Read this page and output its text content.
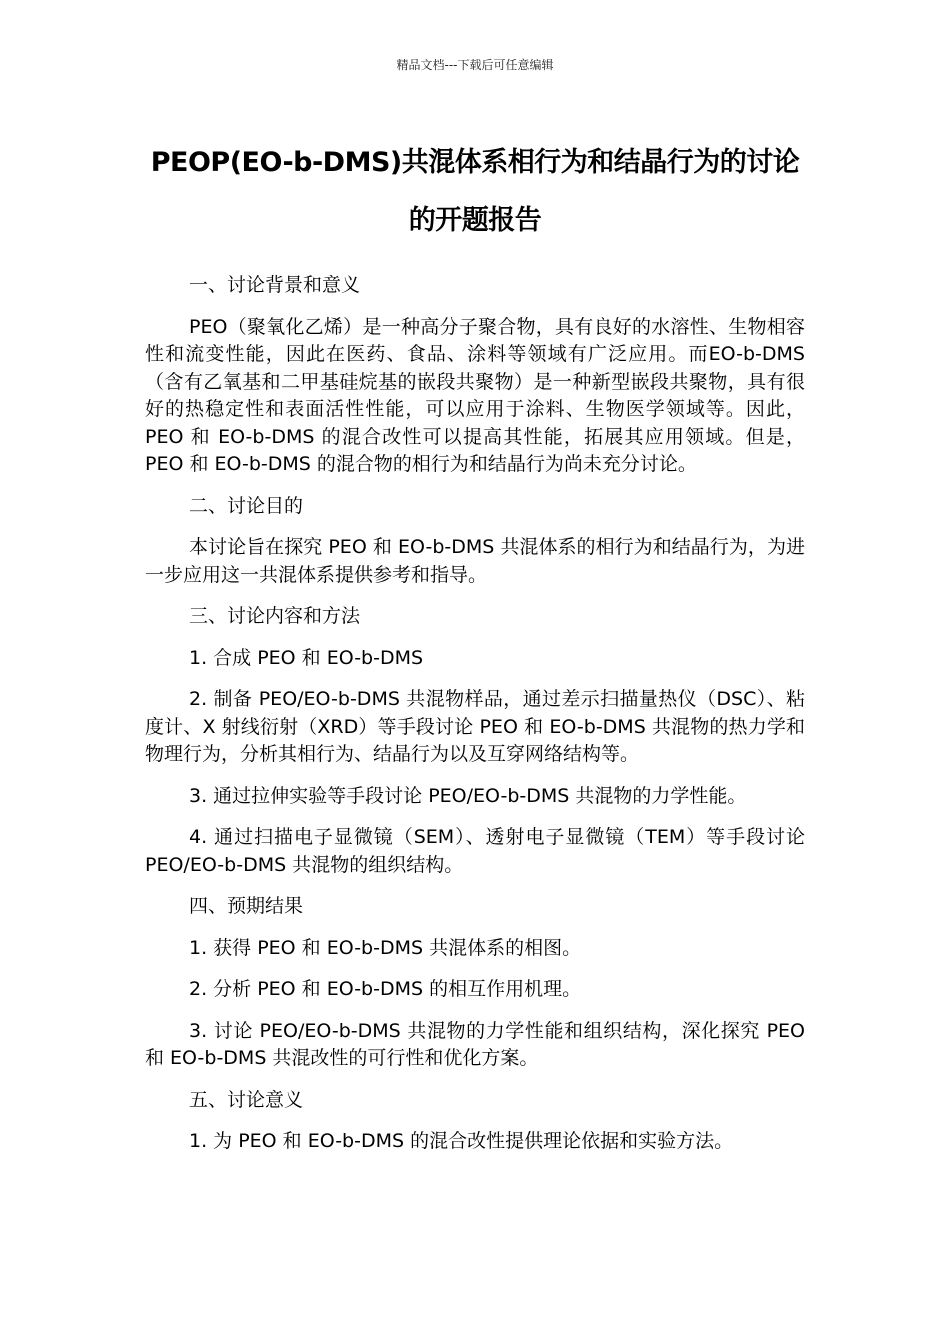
精品文档---下载后可任意编辑
PEOP(EO-b-DMS)共混体系相行为和结晶行为的讨论的开题报告

一、讨论背景和意义

PEO（聚氧化乙烯）是一种高分子聚合物，具有良好的水溶性、生物相容性和流变性能，因此在医药、食品、涂料等领域有广泛应用。而EO-b-DMS（含有乙氧基和二甲基硅烷基的嵌段共聚物）是一种新型嵌段共聚物，具有很好的热稳定性和表面活性性能，可以应用于涂料、生物医学领域等。因此，PEO 和 EO-b-DMS 的混合改性可以提高其性能，拓展其应用领域。但是，PEO 和 EO-b-DMS 的混合物的相行为和结晶行为尚未充分讨论。

二、讨论目的

本讨论旨在探究 PEO 和 EO-b-DMS 共混体系的相行为和结晶行为，为进一步应用这一共混体系提供参考和指导。

三、讨论内容和方法

1. 合成 PEO 和 EO-b-DMS

2. 制备 PEO/EO-b-DMS 共混物样品，通过差示扫描量热仪（DSC）、粘度计、X 射线衍射（XRD）等手段讨论 PEO 和 EO-b-DMS 共混物的热力学和物理行为，分析其相行为、结晶行为以及互穿网络结构等。

3. 通过拉伸实验等手段讨论 PEO/EO-b-DMS 共混物的力学性能。

4. 通过扫描电子显微镜（SEM）、透射电子显微镜（TEM）等手段讨论 PEO/EO-b-DMS 共混物的组织结构。

四、预期结果

1. 获得 PEO 和 EO-b-DMS 共混体系的相图。

2. 分析 PEO 和 EO-b-DMS 的相互作用机理。

3. 讨论 PEO/EO-b-DMS 共混物的力学性能和组织结构，深化探究 PEO 和 EO-b-DMS 共混改性的可行性和优化方案。

五、讨论意义

1. 为 PEO 和 EO-b-DMS 的混合改性提供理论依据和实验方法。
